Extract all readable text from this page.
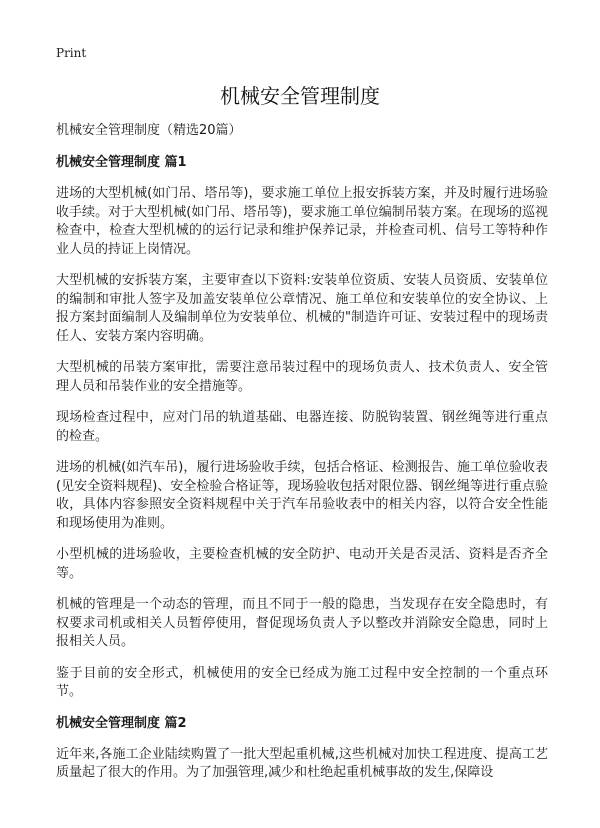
Print
机械安全管理制度

机械安全管理制度（精选20篇）

机械安全管理制度 篇1

进场的大型机械(如门吊、塔吊等)，要求施工单位上报安拆装方案，并及时履行进场验收手续。对于大型机械(如门吊、塔吊等)，要求施工单位编制吊装方案。在现场的巡视检查中，检查大型机械的的运行记录和维护保养记录，并检查司机、信号工等特种作业人员的持证上岗情况。

大型机械的安拆装方案，主要审查以下资料:安装单位资质、安装人员资质、安装单位的编制和审批人签字及加盖安装单位公章情况、施工单位和安装单位的安全协议、上报方案封面编制人及编制单位为安装单位、机械的"制造许可证、安装过程中的现场责任人、安装方案内容明确。

大型机械的吊装方案审批，需要注意吊装过程中的现场负责人、技术负责人、安全管理人员和吊装作业的安全措施等。

现场检查过程中，应对门吊的轨道基础、电器连接、防脱钩装置、钢丝绳等进行重点的检查。

进场的机械(如汽车吊)，履行进场验收手续，包括合格证、检测报告、施工单位验收表(见安全资料规程)、安全检验合格证等，现场验收包括对限位器、钢丝绳等进行重点验收，具体内容参照安全资料规程中关于汽车吊验收表中的相关内容，以符合安全性能和现场使用为准则。

小型机械的进场验收，主要检查机械的安全防护、电动开关是否灵活、资料是否齐全等。

机械的管理是一个动态的管理，而且不同于一般的隐患，当发现存在安全隐患时，有权要求司机或相关人员暂停使用，督促现场负责人予以整改并消除安全隐患，同时上报相关人员。

鉴于目前的安全形式，机械使用的安全已经成为施工过程中安全控制的一个重点环节。

机械安全管理制度 篇2

近年来,各施工企业陆续购置了一批大型起重机械,这些机械对加快工程进度、提高工艺质量起了很大的作用。为了加强管理,减少和杜绝起重机械事故的发生,保障设
